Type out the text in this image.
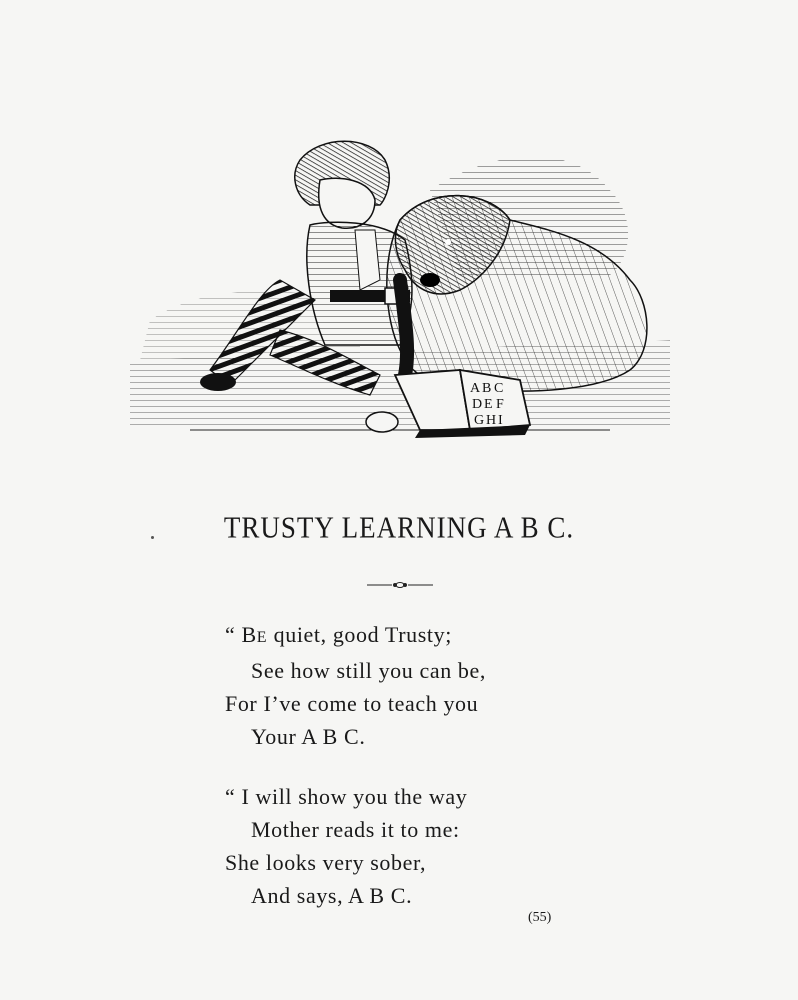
A B C
D E F
G H I
TRUSTY LEARNING A B C.
“ BE quiet, good Trusty;
See how still you can be,
For I’ve come to teach you
Your A B C.
“ I will show you the way
Mother reads it to me:
She looks very sober,
And says, A B C.
(55)
